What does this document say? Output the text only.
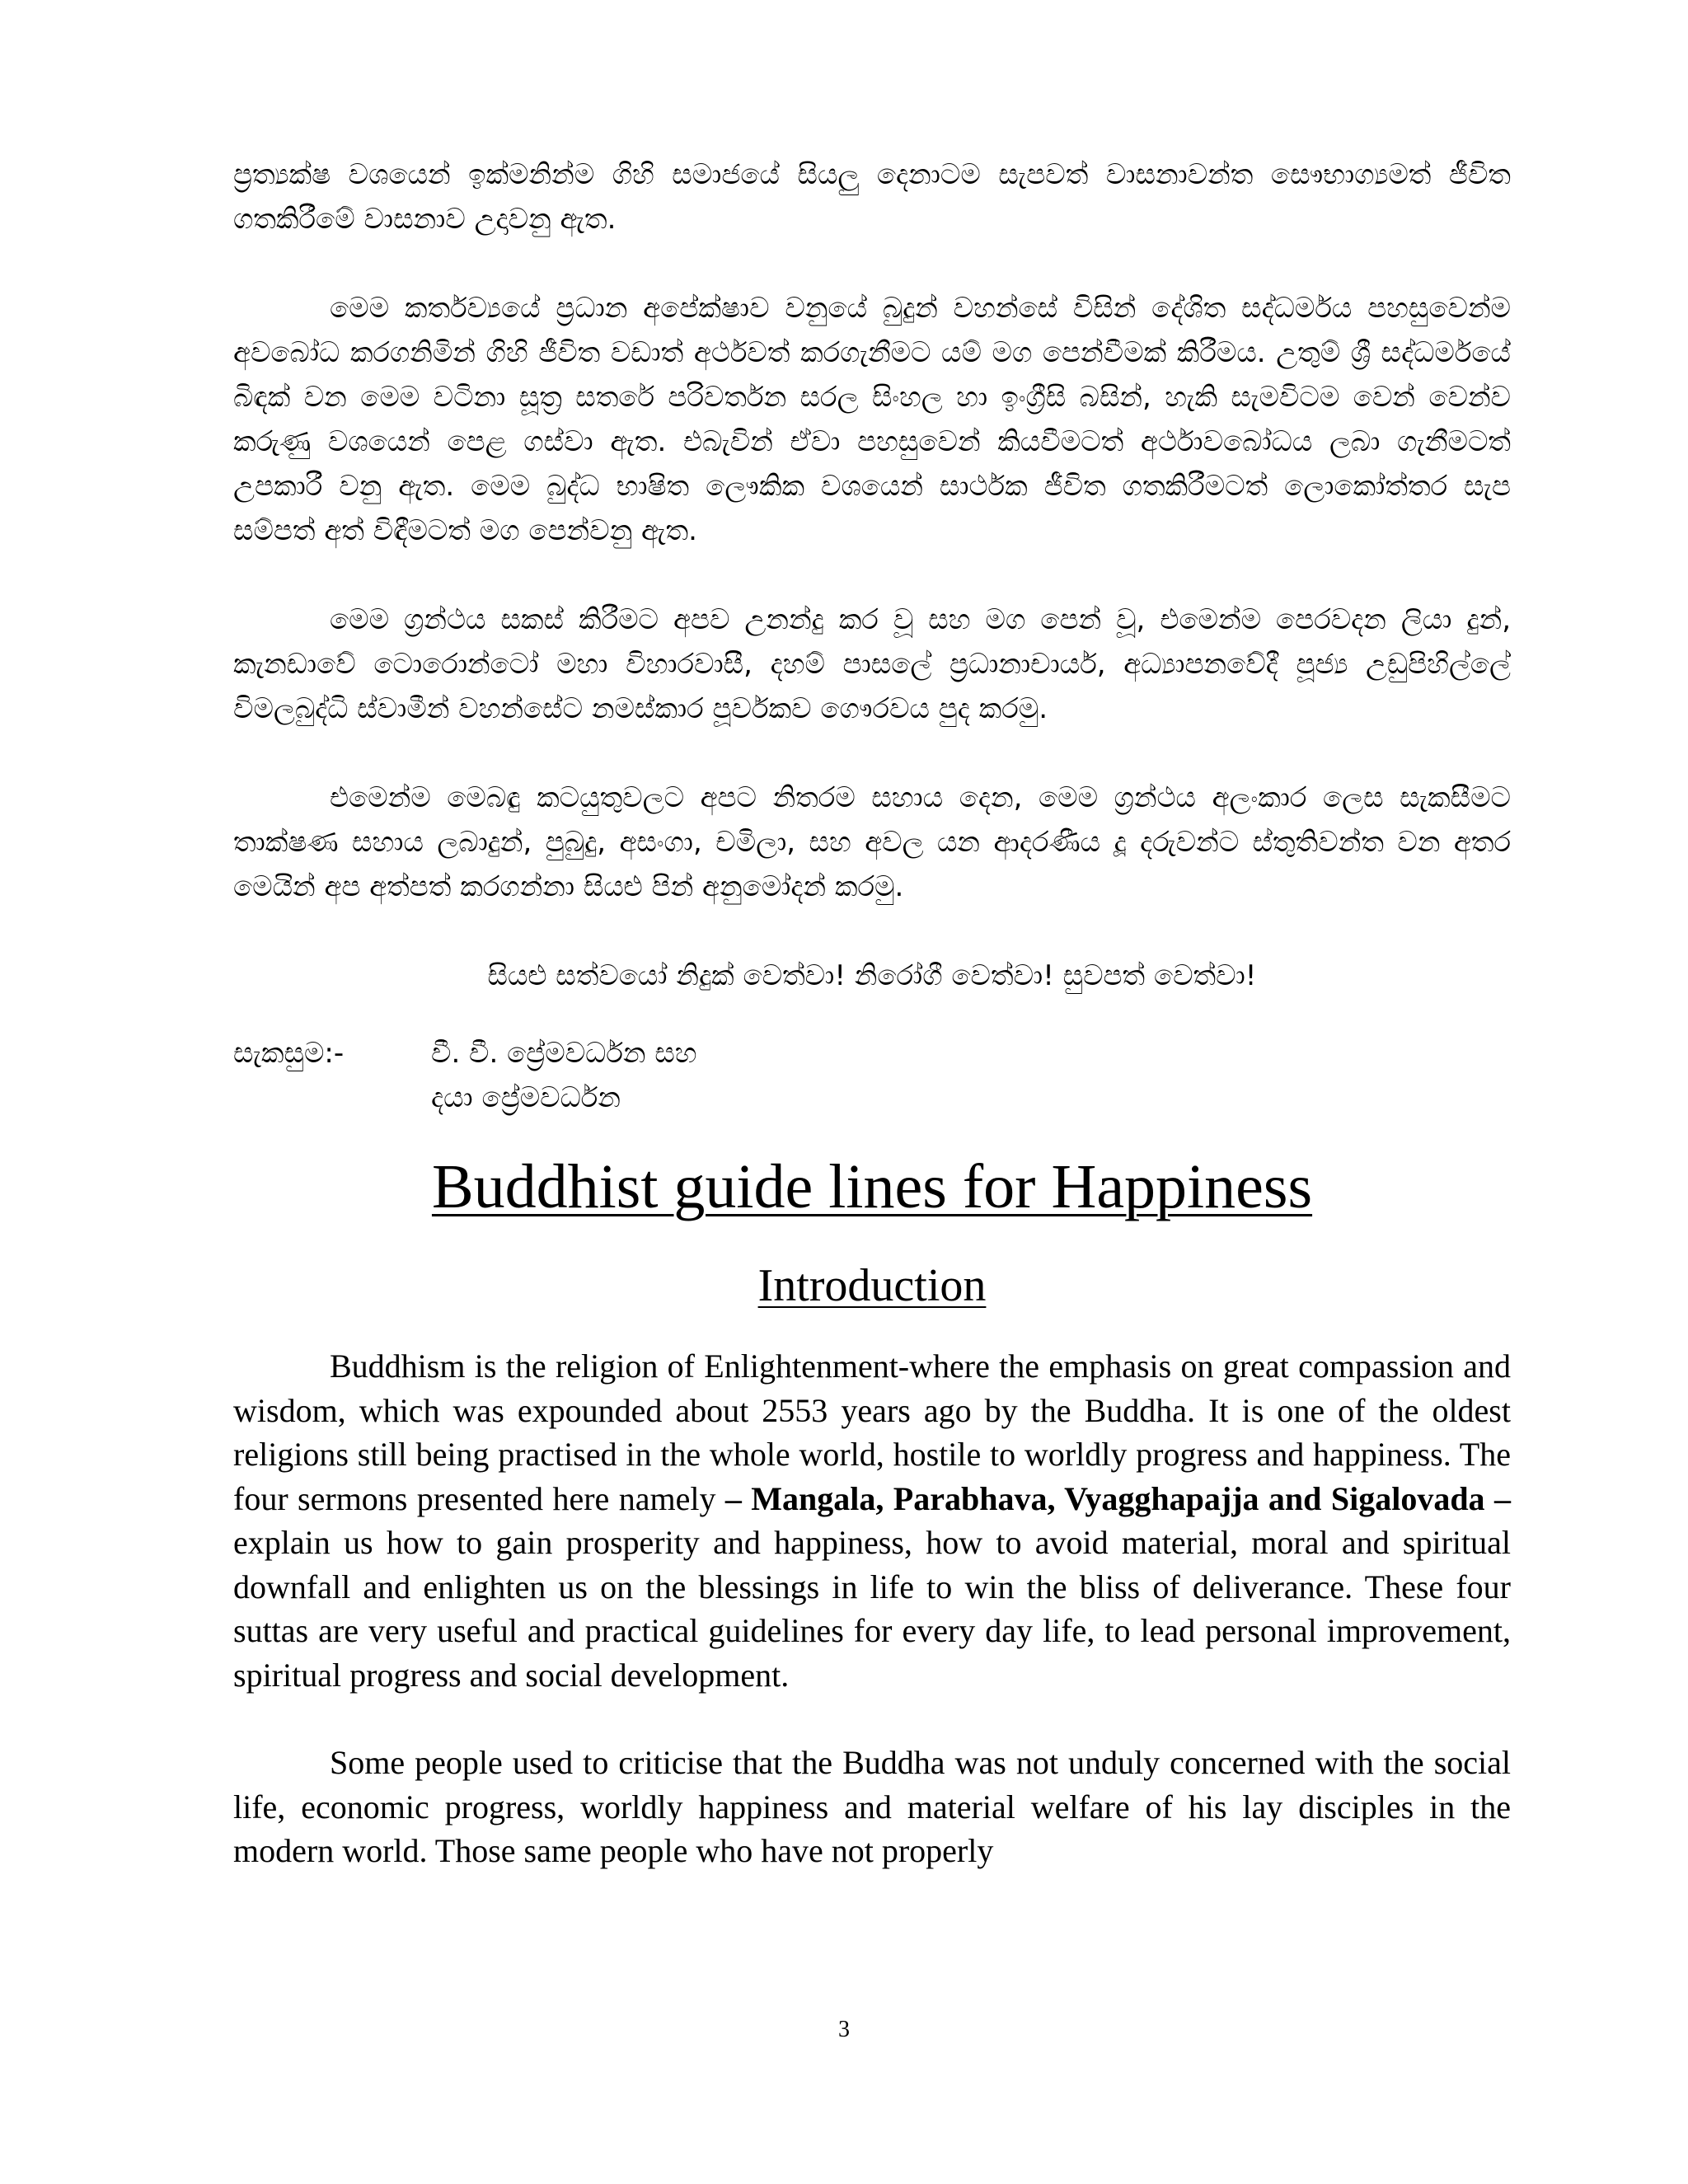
ප්‍රත්‍යක්ෂ වශයෙන් ඉක්මනින්ම ගිහි සමාජයේ සියලු දෙනාටම සැපවත් වාසනාවන්ත සෞභාග්‍යමත් ජීවිත ගතකිරීමේ වාසනාව උදාවනු ඇත.

මෙම කර්තව්‍යයේ ප්‍රධාන අපේක්ෂාව වනුයේ බුදුන් වහන්සේ විසින් දේශිත සද්ධර්මය පහසුවෙන්ම අවබෝධ කරගනිමින් ගිහි ජීවිත වඩාත් අර්ථවත් කරගැනීමට යම් මග පෙන්වීමක් කිරීමය. උතුම් ශ්‍රී සද්ධර්මයේ බිඳක් වන මෙම වටිනා සූත්‍ර සතරේ පරිවර්තන සරල සිංහල හා ඉංග්‍රීසි බසින්, හැකි සැමවිටම වෙන් වෙන්ව කරුණු වශයෙන් පෙළ ගස්වා ඇත. එබැවින් ඒවා පහසුවෙන් කියවීමටත් අර්ථාවබෝධය ලබා ගැනීමටත් උපකාරී වනු ඇත. මෙම බුද්ධ භාෂිත ලෞකික වශයෙන් සාර්ථක ජීවිත ගතකිරීමටත් ලොකෝත්තර සැප සම්පත් අත් විඳීමටත් මග පෙන්වනු ඇත.

මෙම ග්‍රන්ථය සකස් කිරීමට අපව උනන්දු කර වූ සහ මග පෙන් වූ, එමෙන්ම පෙරවදන ලියා දුන්, කැනඩාවේ ටොරොන්ටෝ මහා විහාරවාසී, දහම් පාසලේ ප්‍රධානාචාර්ය, අධ්‍යාපනවේදී පූජ්‍ය උඩුපිහිල්ලේ විමලබුද්ධි ස්වාමීන් වහන්සේට නමස්කාර පූර්වකව ගෞරවය පුද කරමු.

එමෙන්ම මෙබඳු කටයුතුවලට අපට නිතරම සහාය දෙන, මෙම ග්‍රන්ථය අලංකාර ලෙස සැකසීමට තාක්ෂණ සහාය ලබාදුන්, පුබුදු, අසංගා, චමිලා, සහ අවල යන ආදරණීය දූ දරුවන්ට ස්තුතිවන්ත වන අතර මෙයින් අප අත්පත් කරගන්නා සියළු පින් අනුමෝදන් කරමු.

සියළු සත්වයෝ නිදුක් වෙත්වා! නිරෝගී වෙත්වා! සුවපත් වෙත්වා!

සැකසුම:-	වී. වී. ප්‍රේමවර්ධන සහ
දයා ප්‍රේමවර්ධන
Buddhist guide lines for Happiness
Introduction

Buddhism is the religion of Enlightenment-where the emphasis on great compassion and wisdom, which was expounded about 2553 years ago by the Buddha. It is one of the oldest religions still being practised in the whole world, hostile to worldly progress and happiness. The four sermons presented here namely – Mangala, Parabhava, Vyagghapajja and Sigalovada – explain us how to gain prosperity and happiness, how to avoid material, moral and spiritual downfall and enlighten us on the blessings in life to win the bliss of deliverance. These four suttas are very useful and practical guidelines for every day life, to lead personal improvement, spiritual progress and social development.

Some people used to criticise that the Buddha was not unduly concerned with the social life, economic progress, worldly happiness and material welfare of his lay disciples in the modern world. Those same people who have not properly

3
